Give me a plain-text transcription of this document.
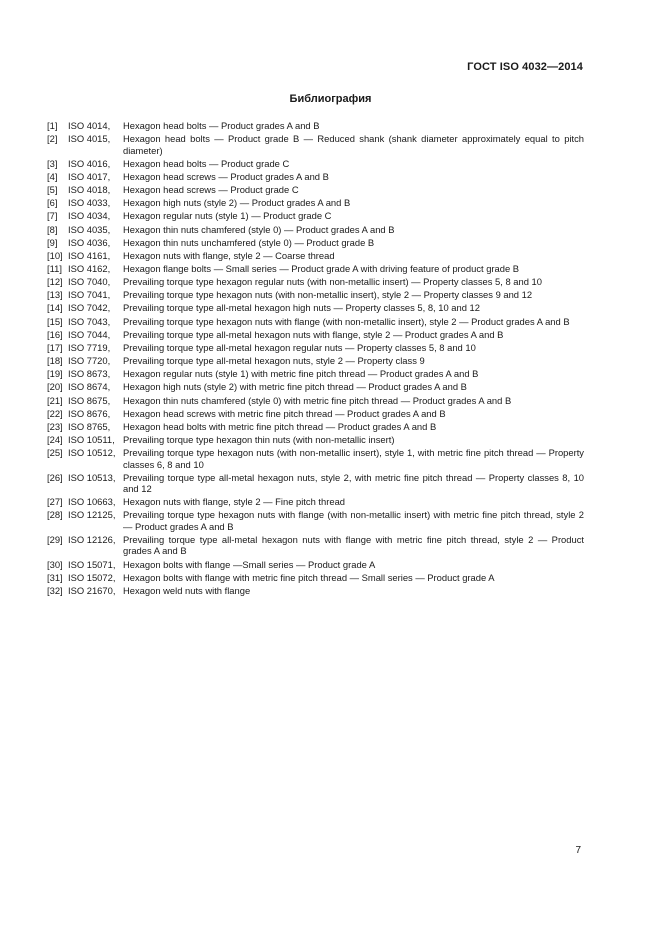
ГОСТ ISO 4032—2014
Библиография
[1]	ISO 4014,	Hexagon head bolts — Product grades A and B
[2]	ISO 4015,	Hexagon head bolts — Product grade B — Reduced shank (shank diameter approximately equal to pitch diameter)
[3]	ISO 4016,	Hexagon head bolts — Product grade C
[4]	ISO 4017,	Hexagon head screws — Product grades A and B
[5]	ISO 4018,	Hexagon head screws — Product grade C
[6]	ISO 4033,	Hexagon high nuts (style 2) — Product grades A and B
[7]	ISO 4034,	Hexagon regular nuts (style 1) — Product grade C
[8]	ISO 4035,	Hexagon thin nuts chamfered (style 0) — Product grades A and B
[9]	ISO 4036,	Hexagon thin nuts unchamfered (style 0) — Product grade B
[10] ISO 4161,	Hexagon nuts with flange, style 2 — Coarse thread
[11] ISO 4162,	Hexagon flange bolts — Small series — Product grade A with driving feature of product grade B
[12] ISO 7040,	Prevailing torque type hexagon regular nuts (with non-metallic insert) — Property classes 5, 8 and 10
[13] ISO 7041,	Prevailing torque type hexagon nuts (with non-metallic insert), style 2 — Property classes 9 and 12
[14] ISO 7042,	Prevailing torque type all-metal hexagon high nuts — Property classes 5, 8, 10 and 12
[15] ISO 7043,	Prevailing torque type hexagon nuts with flange (with non-metallic insert), style 2 — Product grades A and B
[16] ISO 7044,	Prevailing torque type all-metal hexagon nuts with flange, style 2 — Product grades A and B
[17] ISO 7719,	Prevailing torque type all-metal hexagon regular nuts — Property classes 5, 8 and 10
[18] ISO 7720,	Prevailing torque type all-metal hexagon nuts, style 2 — Property class 9
[19] ISO 8673,	Hexagon regular nuts (style 1) with metric fine pitch thread — Product grades A and B
[20] ISO 8674,	Hexagon high nuts (style 2) with metric fine pitch thread — Product grades A and B
[21] ISO 8675,	Hexagon thin nuts chamfered (style 0) with metric fine pitch thread — Product grades A and B
[22] ISO 8676,	Hexagon head screws with metric fine pitch thread — Product grades A and B
[23] ISO 8765,	Hexagon head bolts with metric fine pitch thread — Product grades A and B
[24] ISO 10511, Prevailing torque type hexagon thin nuts (with non-metallic insert)
[25] ISO 10512, Prevailing torque type hexagon nuts (with non-metallic insert), style 1, with metric fine pitch thread — Property classes 6, 8 and 10
[26] ISO 10513, Prevailing torque type all-metal hexagon nuts, style 2, with metric fine pitch thread — Property classes 8, 10 and 12
[27] ISO 10663, Hexagon nuts with flange, style 2 — Fine pitch thread
[28] ISO 12125, Prevailing torque type hexagon nuts with flange (with non-metallic insert) with metric fine pitch thread, style 2 — Product grades A and B
[29] ISO 12126, Prevailing torque type all-metal hexagon nuts with flange with metric fine pitch thread, style 2 — Product grades A and B
[30] ISO 15071, Hexagon bolts with flange —Small series — Product grade A
[31] ISO 15072, Hexagon bolts with flange with metric fine pitch thread — Small series — Product grade A
[32] ISO 21670, Hexagon weld nuts with flange
7
